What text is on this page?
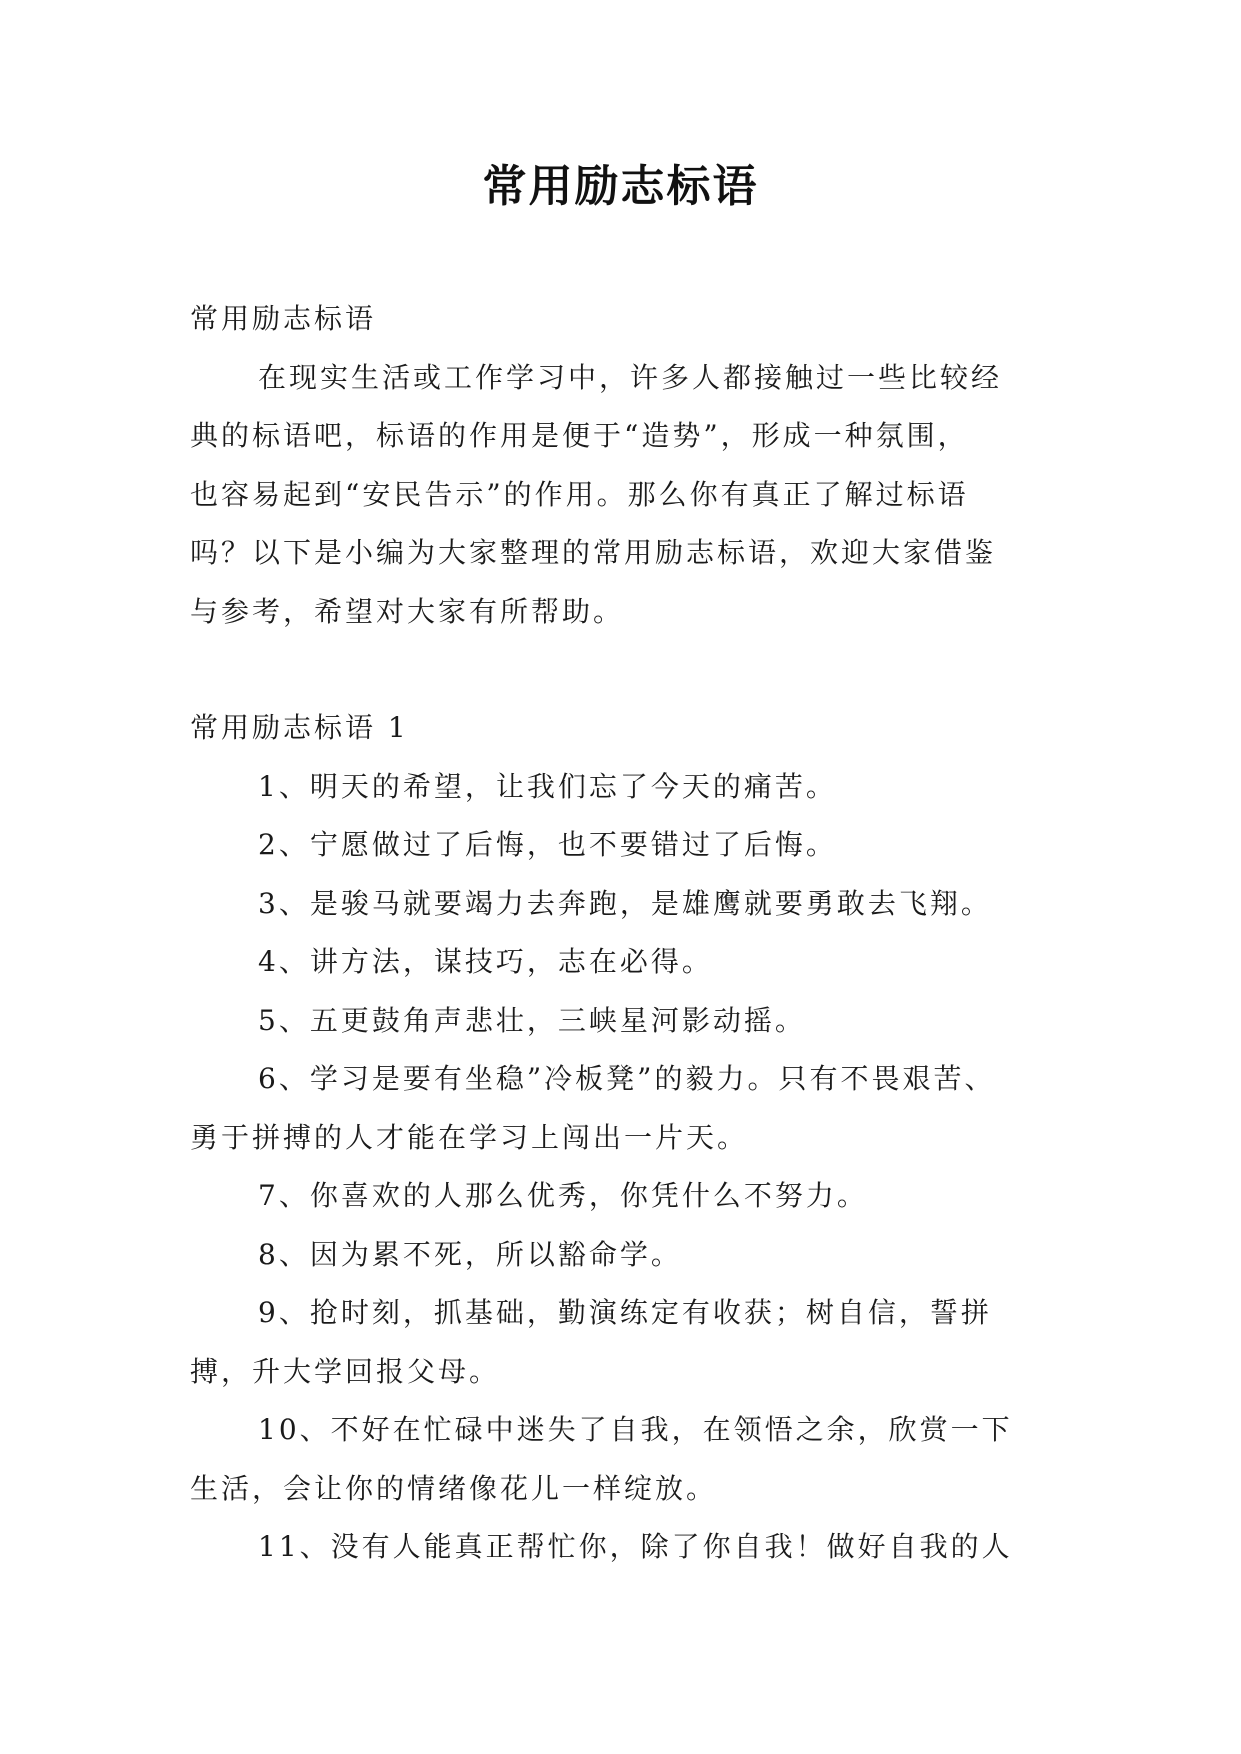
常用励志标语

常用励志标语

在现实生活或工作学习中，许多人都接触过一些比较经

典的标语吧，标语的作用是便于“造势”，形成一种氛围，

也容易起到“安民告示”的作用。那么你有真正了解过标语

吗？以下是小编为大家整理的常用励志标语，欢迎大家借鉴

与参考，希望对大家有所帮助。

常用励志标语 1

1、明天的希望，让我们忘了今天的痛苦。

2、宁愿做过了后悔，也不要错过了后悔。

3、是骏马就要竭力去奔跑，是雄鹰就要勇敢去飞翔。

4、讲方法，谋技巧，志在必得。

5、五更鼓角声悲壮，三峡星河影动摇。

6、学习是要有坐稳”冷板凳”的毅力。只有不畏艰苦、

勇于拼搏的人才能在学习上闯出一片天。

7、你喜欢的人那么优秀，你凭什么不努力。

8、因为累不死，所以豁命学。

9、抢时刻，抓基础，勤演练定有收获；树自信，誓拼

搏，升大学回报父母。

10、不好在忙碌中迷失了自我，在领悟之余，欣赏一下

生活，会让你的情绪像花儿一样绽放。

11、没有人能真正帮忙你，除了你自我！做好自我的人
